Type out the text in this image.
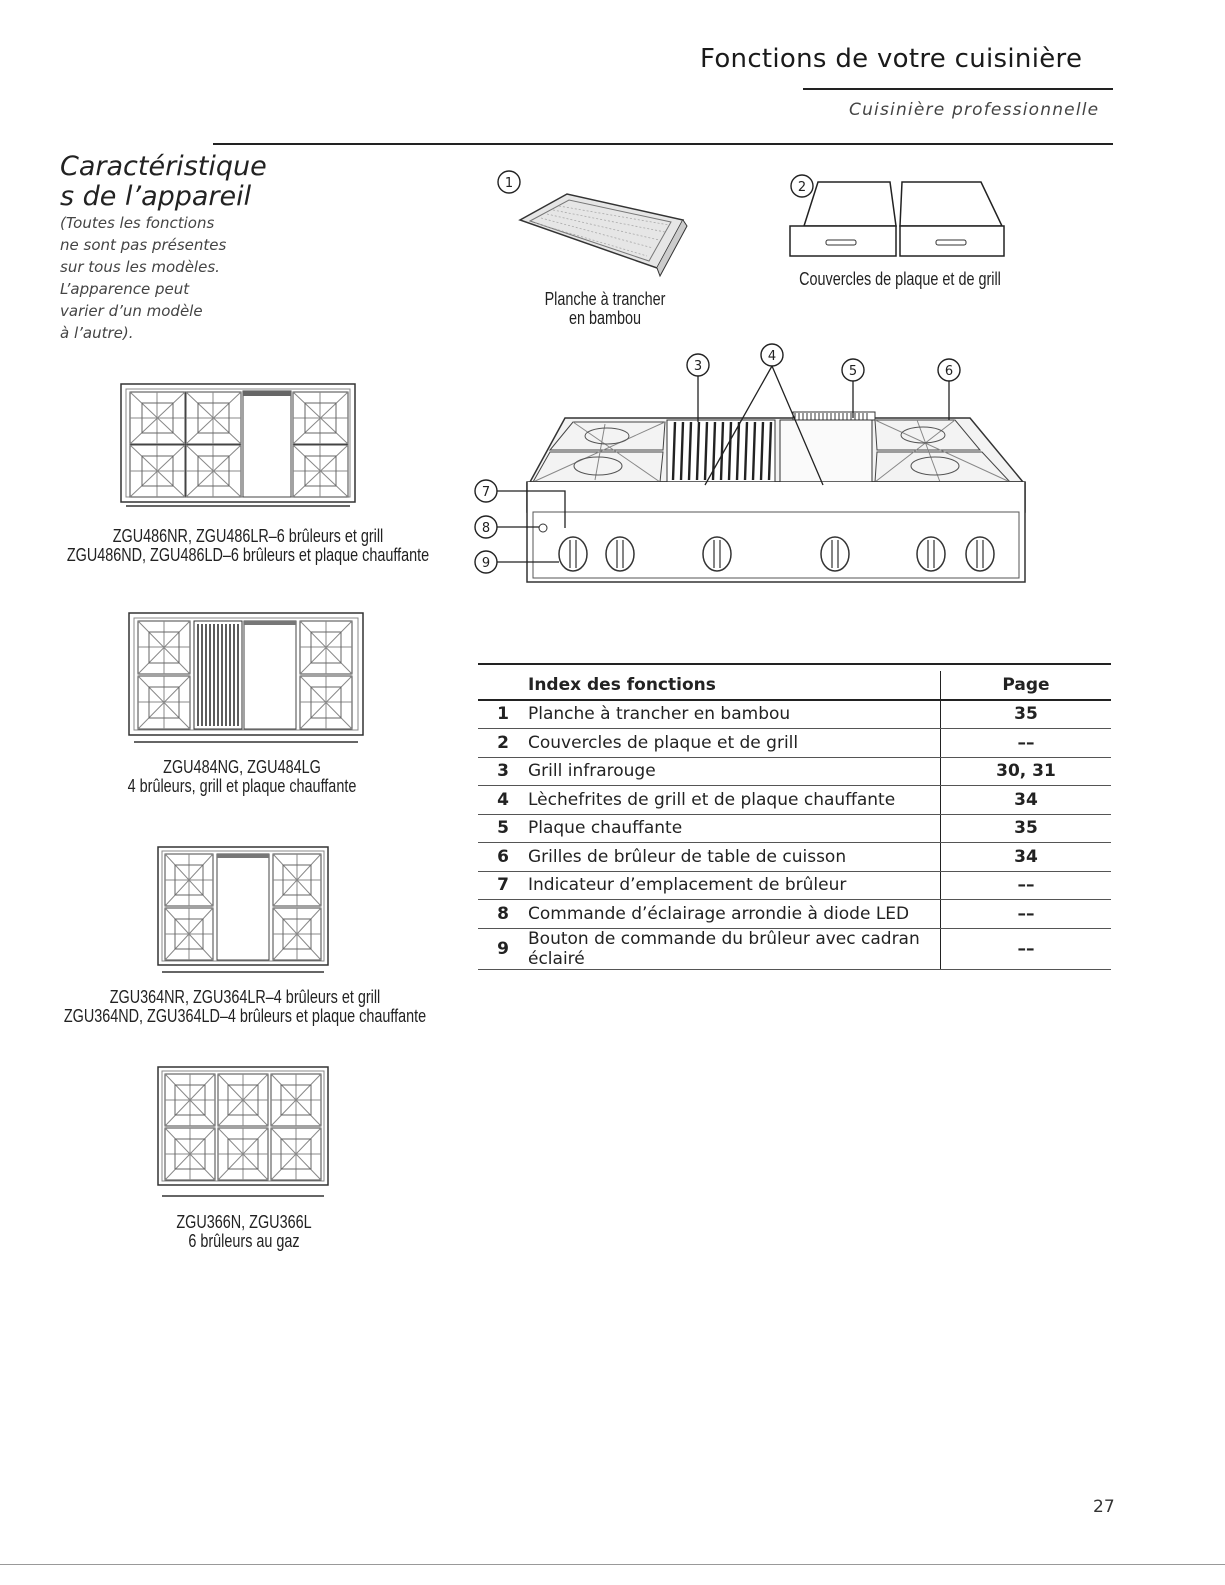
Fonctions de votre cuisinière
Cuisinière professionnelle
Caractéristique
s de l’appareil
(Toutes les fonctions
ne sont pas présentes
sur tous les modèles.
L’apparence peut
varier d’un modèle
à l’autre).
ZGU486NR, ZGU486LR–6 brûleurs et grill
ZGU486ND, ZGU486LD–6 brûleurs et plaque chauffante
ZGU484NG, ZGU484LG
4 brûleurs, grill et plaque chauffante
ZGU364NR, ZGU364LR–4 brûleurs et grill
ZGU364ND, ZGU364LD–4 brûleurs et plaque chauffante
ZGU366N, ZGU366L
6 brûleurs au gaz
1
Planche à trancher
en bambou
2
Couvercles de plaque et de grill
3
4
5	6
7
8
9
	Index des fonctions	Page
1	Planche à trancher en bambou	35
2	Couvercles de plaque et de grill	––
3	Grill infrarouge	30, 31
4	Lèchefrites de grill et de plaque chauffante	34
5	Plaque chauffante	35
6	Grilles de brûleur de table de cuisson	34
7	Indicateur d’emplacement de brûleur	––
8	Commande d’éclairage arrondie à diode LED	––
9	Bouton de commande du brûleur avec cadran éclairé	––
27
